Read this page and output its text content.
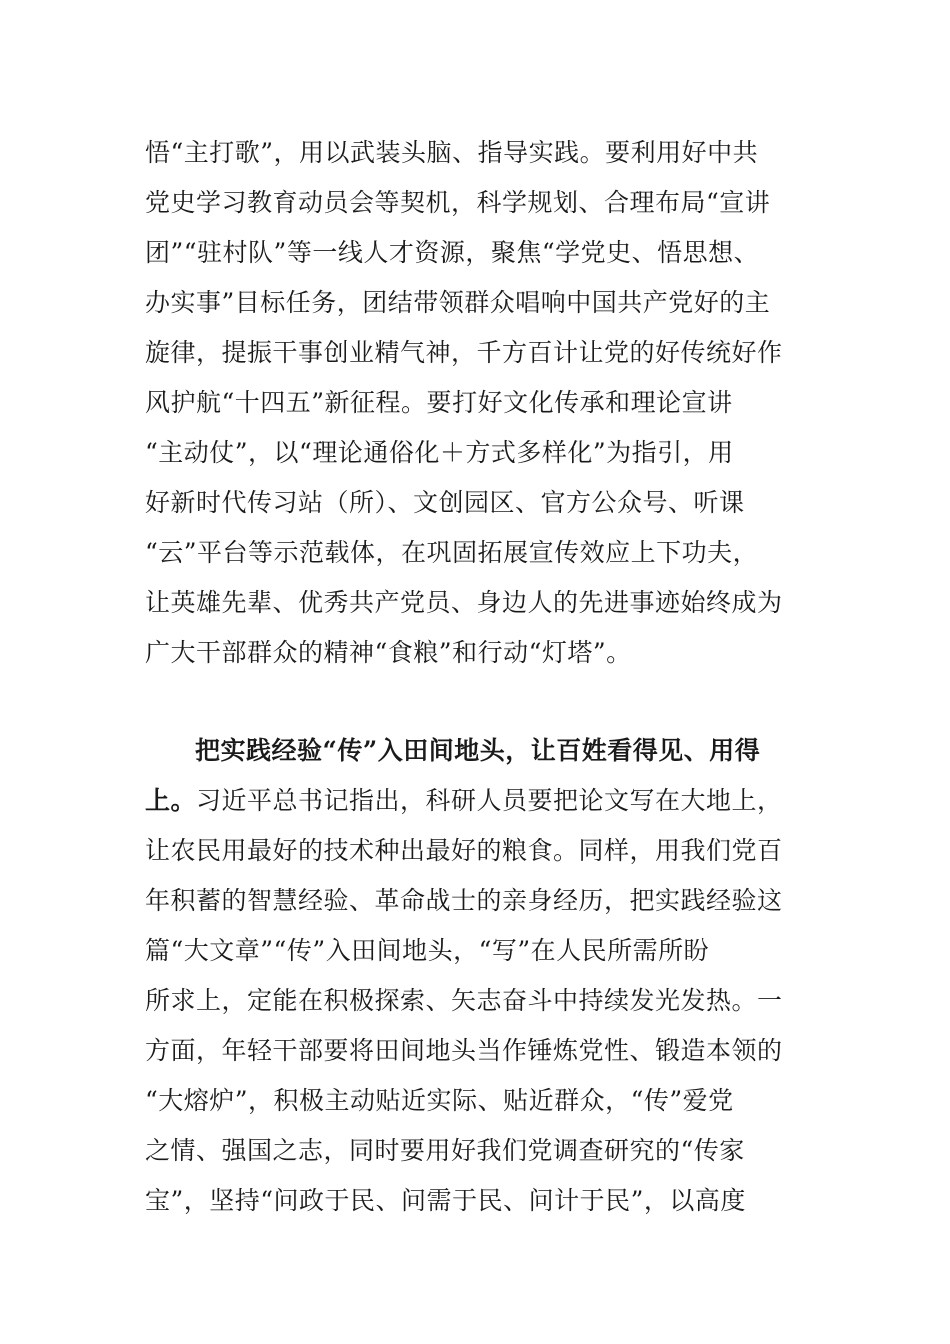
悟“主打歌”，用以武装头脑、指导实践。要利用好中共
党史学习教育动员会等契机，科学规划、合理布局“宣讲
团”“驻村队”等一线人才资源，聚焦“学党史、悟思想、
办实事”目标任务，团结带领群众唱响中国共产党好的主
旋律，提振干事创业精气神，千方百计让党的好传统好作
风护航“十四五”新征程。要打好文化传承和理论宣讲
“主动仗”，以“理论通俗化＋方式多样化”为指引，用
好新时代传习站（所）、文创园区、官方公众号、听课
“云”平台等示范载体，在巩固拓展宣传效应上下功夫，
让英雄先辈、优秀共产党员、身边人的先进事迹始终成为
广大干部群众的精神“食粮”和行动“灯塔”。
把实践经验“传”入田间地头，让百姓看得见、用得
上。习近平总书记指出，科研人员要把论文写在大地上，
让农民用最好的技术种出最好的粮食。同样，用我们党百
年积蓄的智慧经验、革命战士的亲身经历，把实践经验这
篇“大文章”“传”入田间地头，“写”在人民所需所盼
所求上，定能在积极探索、矢志奋斗中持续发光发热。一
方面，年轻干部要将田间地头当作锤炼党性、锻造本领的
“大熔炉”，积极主动贴近实际、贴近群众，“传”爱党
之情、强国之志，同时要用好我们党调查研究的“传家
宝”，坚持“问政于民、问需于民、问计于民”，以高度
